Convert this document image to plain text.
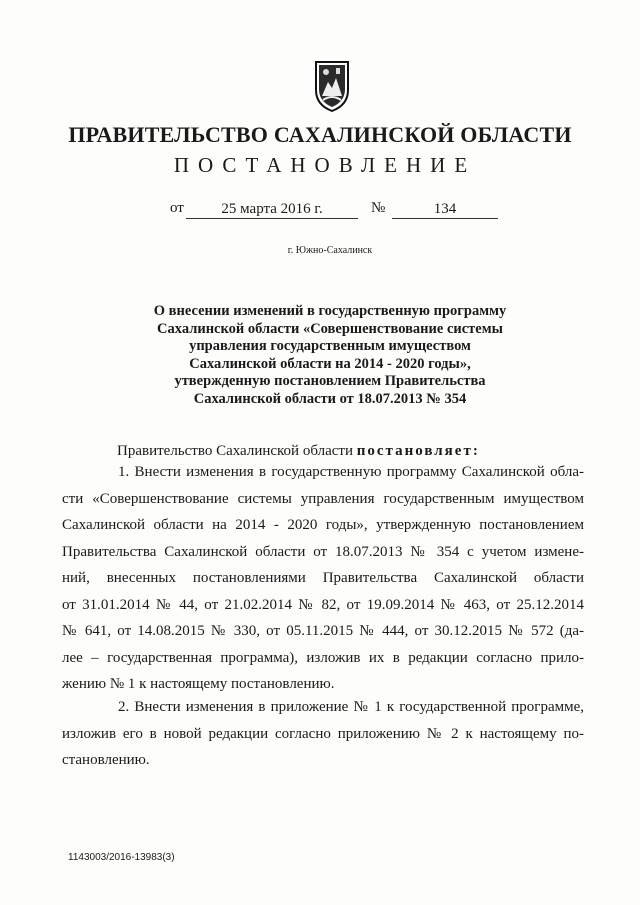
ПРАВИТЕЛЬСТВО САХАЛИНСКОЙ ОБЛАСТИ
ПОСТАНОВЛЕНИЕ
от	25 марта 2016 г.	№	134
г. Южно-Сахалинск
О внесении изменений в государственную программу
Сахалинской области «Совершенствование системы
управления государственным имуществом
Сахалинской области на 2014 - 2020 годы»,
утвержденную постановлением Правительства
Сахалинской области от 18.07.2013 № 354
Правительство Сахалинской области постановляет:
1. Внести изменения в государственную программу Сахалинской обла-
сти «Совершенствование системы управления государственным имуществом
Сахалинской области на 2014 - 2020 годы», утвержденную постановлением
Правительства Сахалинской области от 18.07.2013 № 354 с учетом измене-
ний, внесенных постановлениями Правительства Сахалинской области
от 31.01.2014 № 44, от 21.02.2014 № 82, от 19.09.2014 № 463, от 25.12.2014
№ 641, от 14.08.2015 № 330, от 05.11.2015 № 444, от 30.12.2015 № 572 (да-
лее – государственная программа), изложив их в редакции согласно прило-
жению № 1 к настоящему постановлению.
2. Внести изменения в приложение № 1 к государственной программе,
изложив его в новой редакции согласно приложению № 2 к настоящему по-
становлению.
1143003/2016-13983(3)
